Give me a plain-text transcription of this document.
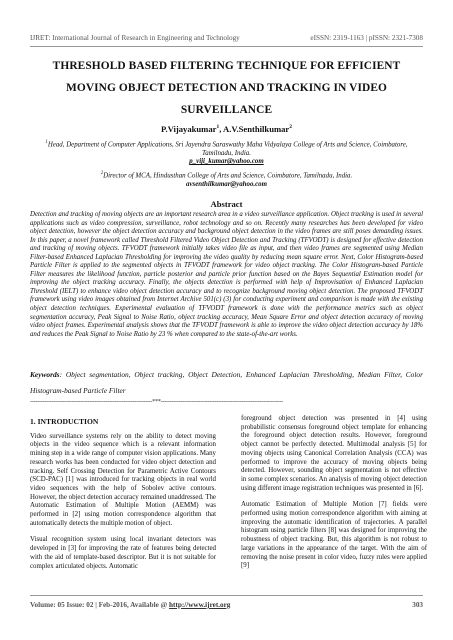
IJRET: International Journal of Research in Engineering and Technology	eISSN: 2319-1163 | pISSN: 2321-7308
THRESHOLD BASED FILTERING TECHNIQUE FOR EFFICIENT MOVING OBJECT DETECTION AND TRACKING IN VIDEO SURVEILLANCE
P.Vijayakumar$^1$, A.V.Senthilkumar$^2$
$^1$Head, Department of Computer Applications, Sri Jayendra Saraswathy Maha Vidyalaya College of Arts and Science, Coimbatore, Tamilnadu, India.
p_viji_kumar@yahoo.com
$^2$Director of MCA, Hindusthan College of Arts and Science, Coimbatore, Tamilnadu, India.
avsenthilkumar@yahoo.com
Abstract
Detection and tracking of moving objects are an important research area in a video surveillance application. Object tracking is used in several applications such as video compression, surveillance, robot technology and so on. Recently many researches has been developed for video object detection, however the object detection accuracy and background object detection in the video frames are still poses demanding issues. In this paper, a novel framework called Threshold Filtered Video Object Detection and Tracking (TFVODT) is designed for effective detection and tracking of moving objects. TFVODT framework initially takes video file as input, and then video frames are segmented using Median Filter-based Enhanced Laplacian Thresholding for improving the video quality by reducing mean square error. Next, Color Histogram-based Particle Filter is applied to the segmented objects in TFVODT framework for video object tracking. The Color Histogram-based Particle Filter measures the likelihood function, particle posterior and particle prior function based on the Bayes Sequential Estimation model for improving the object tracking accuracy. Finally, the objects detection is performed with help of Improvisation of Enhanced Laplacian Threshold (IELT) to enhance video object detection accuracy and to recognize background moving object detection. The proposed TFVODT framework using video images obtained from Internet Archive 501(c) (3) for conducting experiment and comparison is made with the existing object detection techniques. Experimental evaluation of TFVODT framework is done with the performance metrics such as object segmentation accuracy, Peak Signal to Noise Ratio, object tracking accuracy, Mean Square Error and object detection accuracy of moving video object frames. Experimental analysis shows that the TFVODT framework is able to improve the video object detection accuracy by 18% and reduces the Peak Signal to Noise Ratio by 23 % when compared to the state-of-the-art works.
Keywords: Object segmentation, Object tracking, Object Detection, Enhanced Laplacian Thresholding, Median Filter, Color Histogram-based Particle Filter
--------------------------------------------------------------------***--------------------------------------------------------------------
1. INTRODUCTION

Video surveillance systems rely on the ability to detect moving objects in the video sequence which is a relevant information mining step in a wide range of computer vision applications. Many research works has been conducted for video object detection and tracking. Self Crossing Detection for Parametric Active Contours (SCD-PAC) [1] was introduced for tracking objects in real world video sequences with the help of Sobolev active contours. However, the object detection accuracy remained unaddressed. The Automatic Estimation of Multiple Motion (AEMM) was performed in [2] using motion correspondence algorithm that automatically detects the multiple motion of object.

Visual recognition system using local invariant detectors was developed in [3] for improving the rate of features being detected with the aid of template-based descriptor. But it is not suitable for complex articulated objects. Automatic

foreground object detection was presented in [4] using probabilistic consensus foreground object template for enhancing the foreground object detection results. However, foreground object cannot be perfectly detected. Multimodal analysis [5] for moving objects using Canonical Correlation Analysis (CCA) was performed to improve the accuracy of moving objects being detected. However, sounding object segmentation is not effective in some complex scenarios. An analysis of moving object detection using different image registration techniques was presented in [6].

Automatic Estimation of Multiple Motion [7] fields were performed using motion correspondence algorithm with aiming at improving the automatic identification of trajectories. A parallel histogram using particle filters [8] was designed for improving the robustness of object tracking. But, this algorithm is not robust to large variations in the appearance of the target. With the aim of removing the noise present in color video, fuzzy rules were applied [9]

Volume: 05 Issue: 02 | Feb-2016, Available @ http://www.ijret.org	303
